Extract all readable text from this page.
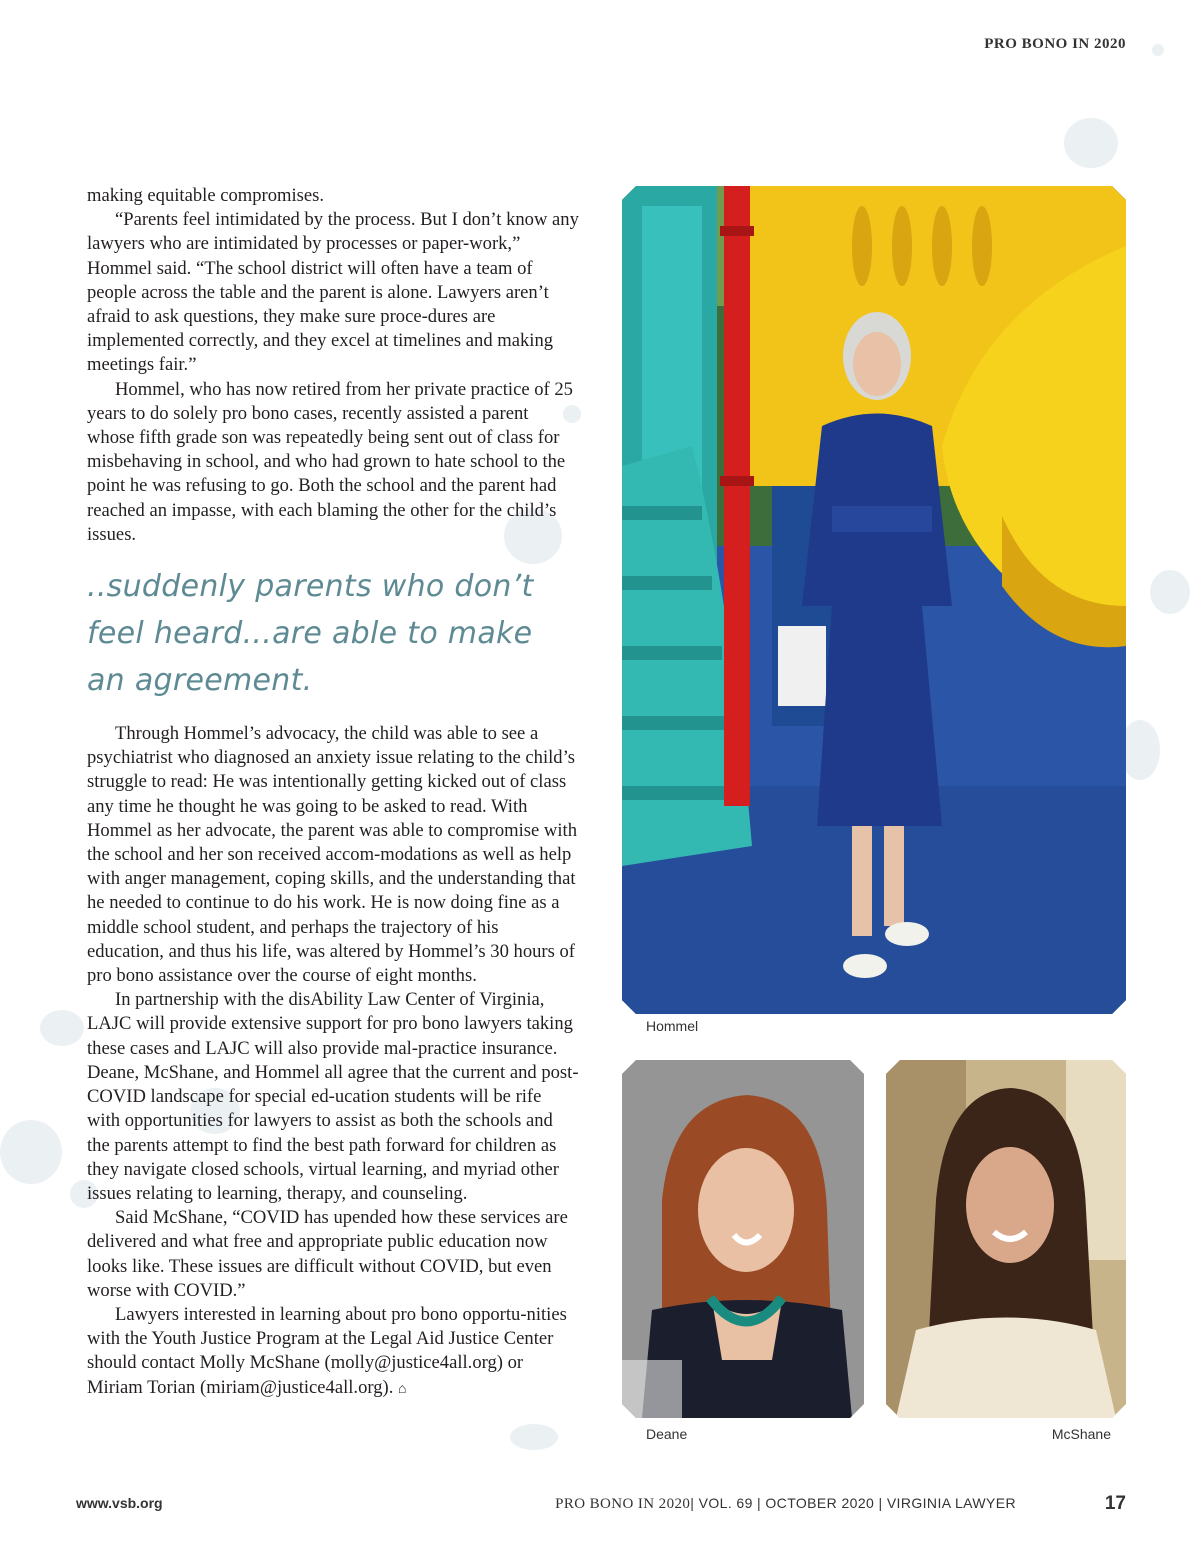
PRO BONO IN 2020

making equitable compromises.

“Parents feel intimidated by the process. But I don’t know any lawyers who are intimidated by processes or paper-work,” Hommel said. “The school district will often have a team of people across the table and the parent is alone. Lawyers aren’t afraid to ask questions, they make sure proce-dures are implemented correctly, and they excel at timelines and making meetings fair.”

Hommel, who has now retired from her private practice of 25 years to do solely pro bono cases, recently assisted a parent whose fifth grade son was repeatedly being sent out of class for misbehaving in school, and who had grown to hate school to the point he was refusing to go. Both the school and the parent had reached an impasse, with each blaming the other for the child’s issues.

..suddenly parents who don’t feel heard...are able to make an agreement.

Through Hommel’s advocacy, the child was able to see a psychiatrist who diagnosed an anxiety issue relating to the child’s struggle to read: He was intentionally getting kicked out of class any time he thought he was going to be asked to read. With Hommel as her advocate, the parent was able to compromise with the school and her son received accom-modations as well as help with anger management, coping skills, and the understanding that he needed to continue to do his work. He is now doing fine as a middle school student, and perhaps the trajectory of his education, and thus his life, was altered by Hommel’s 30 hours of pro bono assistance over the course of eight months.

In partnership with the disAbility Law Center of Virginia, LAJC will provide extensive support for pro bono lawyers taking these cases and LAJC will also provide mal-practice insurance. Deane, McShane, and Hommel all agree that the current and post-COVID landscape for special ed-ucation students will be rife with opportunities for lawyers to assist as both the schools and the parents attempt to find the best path forward for children as they navigate closed schools, virtual learning, and myriad other issues relating to learning, therapy, and counseling.

Said McShane, “COVID has upended how these services are delivered and what free and appropriate public education now looks like. These issues are difficult without COVID, but even worse with COVID.”

Lawyers interested in learning about pro bono opportu-nities with the Youth Justice Program at the Legal Aid Justice Center should contact Molly McShane (molly@justice4all.org) or Miriam Torian (miriam@justice4all.org). ⌂

Hommel
Deane	McShane
www.vsb.org	PRO BONO IN 2020| VOL. 69 | OCTOBER 2020 | VIRGINIA LAWYER	17
